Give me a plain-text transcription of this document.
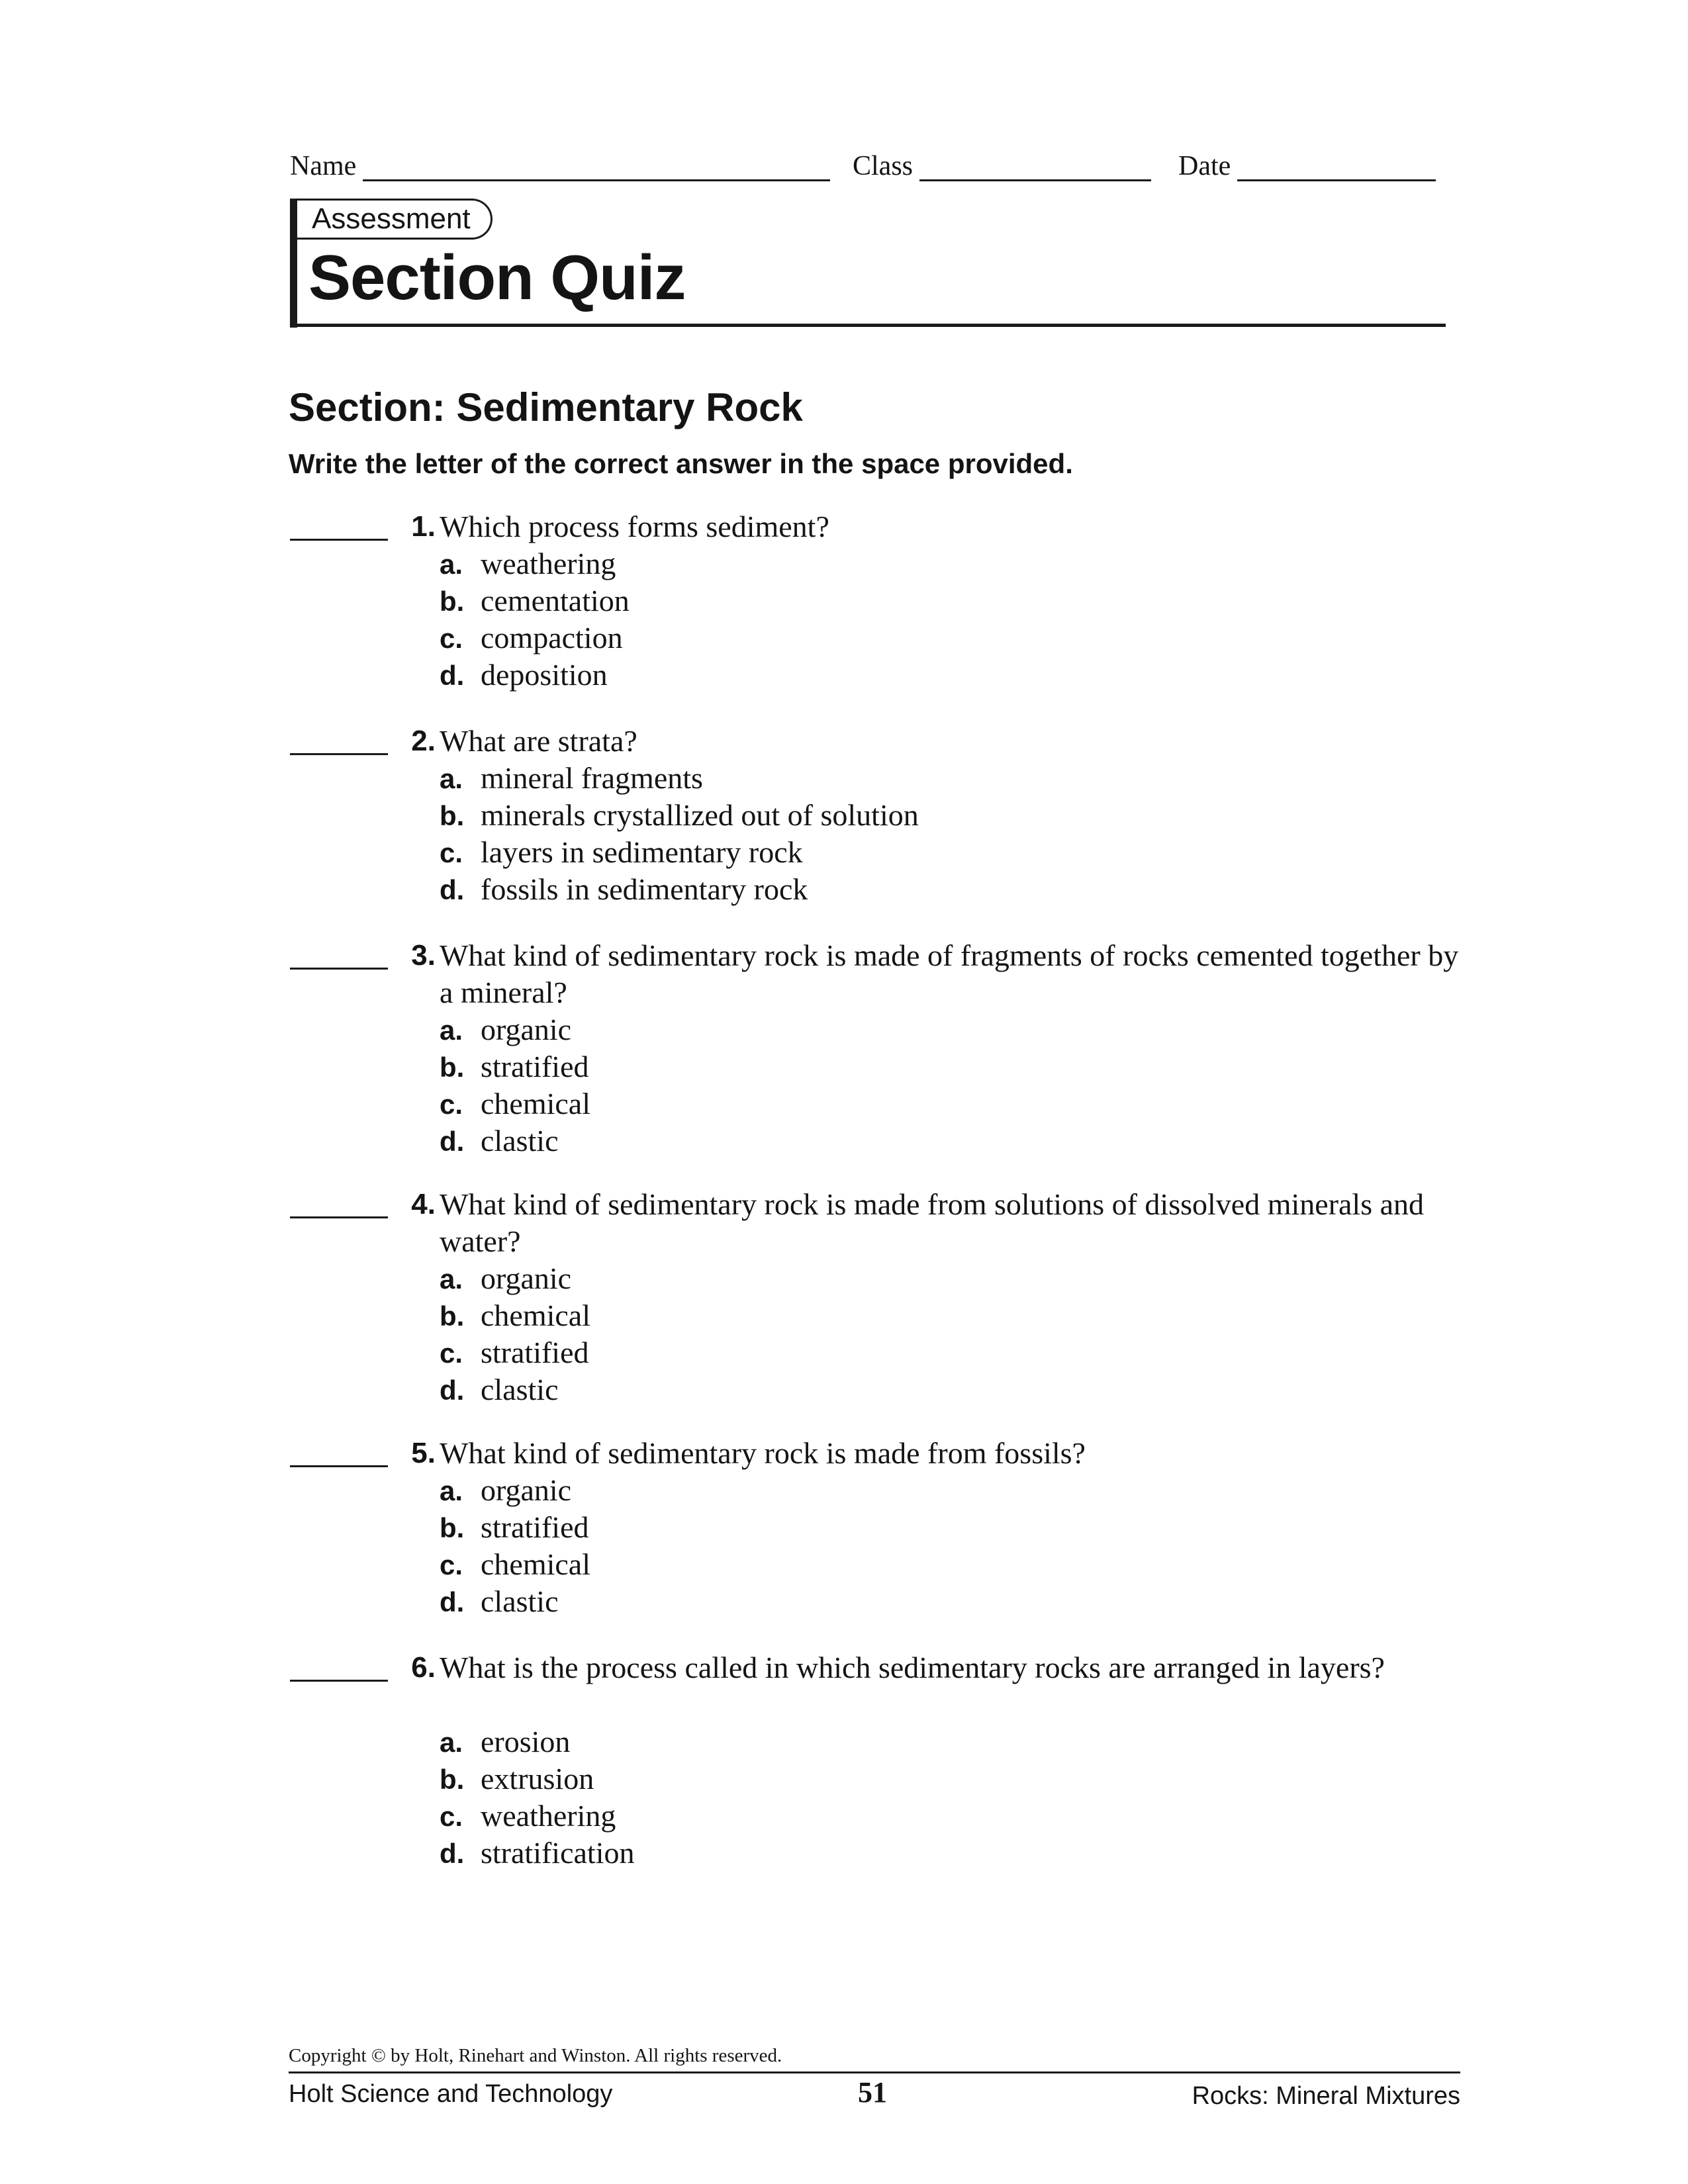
Name	Class	Date
Assessment
Section Quiz
Section: Sedimentary Rock
Write the letter of the correct answer in the space provided.
1. Which process forms sediment?
a. weathering
b. cementation
c. compaction
d. deposition
2. What are strata?
a. mineral fragments
b. minerals crystallized out of solution
c. layers in sedimentary rock
d. fossils in sedimentary rock
3. What kind of sedimentary rock is made of fragments of rocks cemented together by a mineral?
a. organic
b. stratified
c. chemical
d. clastic
4. What kind of sedimentary rock is made from solutions of dissolved minerals and water?
a. organic
b. chemical
c. stratified
d. clastic
5. What kind of sedimentary rock is made from fossils?
a. organic
b. stratified
c. chemical
d. clastic
6. What is the process called in which sedimentary rocks are arranged in layers?
a. erosion
b. extrusion
c. weathering
d. stratification
Copyright © by Holt, Rinehart and Winston. All rights reserved.
Holt Science and Technology	51	Rocks: Mineral Mixtures
